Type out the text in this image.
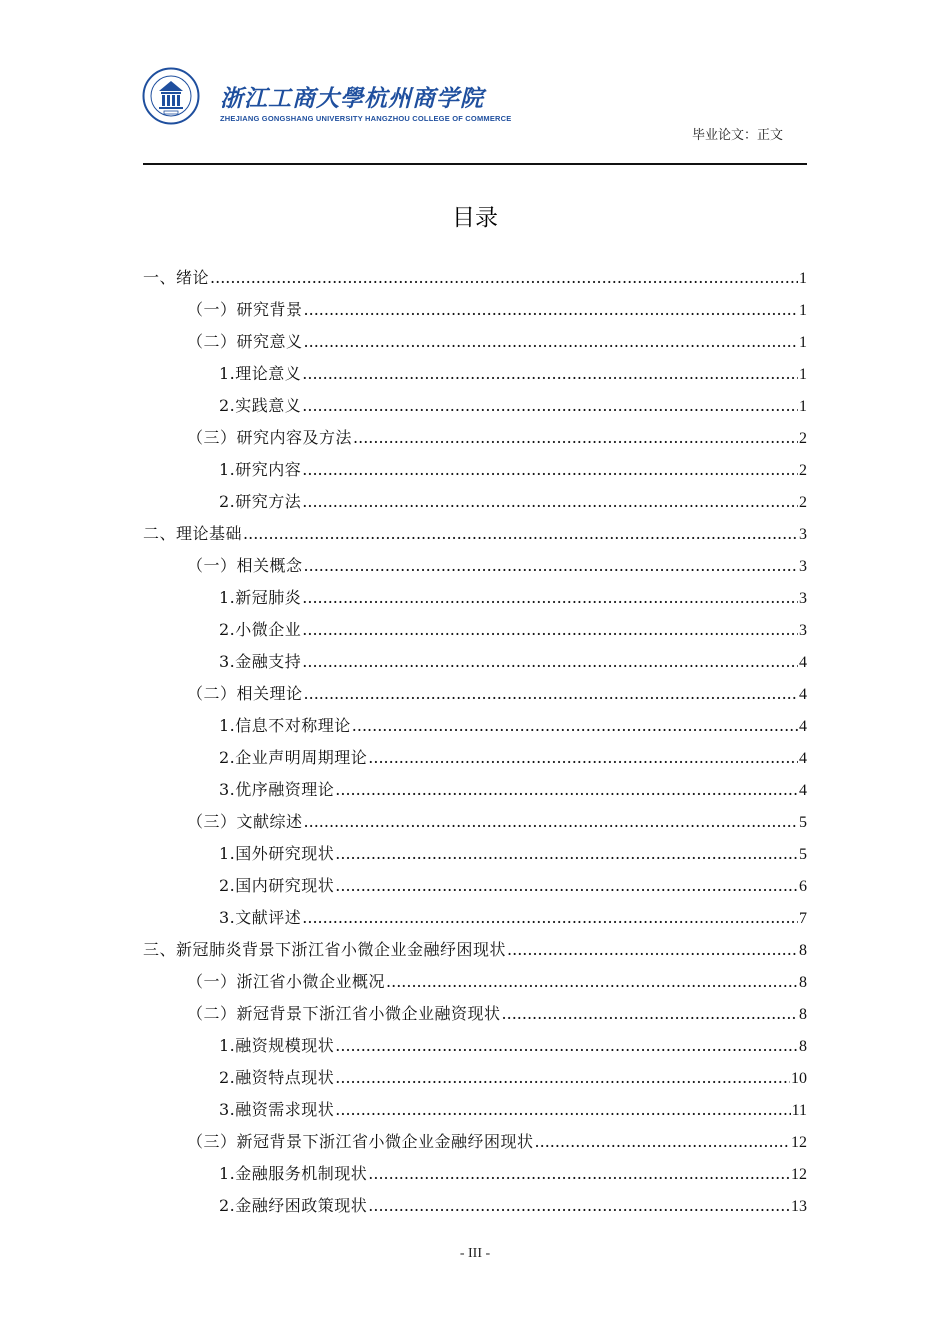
浙江工商大學杭州商学院
ZHEJIANG GONGSHANG UNIVERSITY HANGZHOU COLLEGE OF COMMERCE
毕业论文：正文
目录
一、绪论 .....	1
（一）研究背景 .....	1
（二）研究意义 .....	1
1.理论意义 .....	1
2.实践意义 .....	1
（三）研究内容及方法 .....	2
1.研究内容 .....	2
2.研究方法 .....	2
二、理论基础 .....	3
（一）相关概念 .....	3
1.新冠肺炎 .....	3
2.小微企业 .....	3
3.金融支持 .....	4
（二）相关理论 .....	4
1.信息不对称理论 .....	4
2.企业声明周期理论 .....	4
3.优序融资理论 .....	4
（三）文献综述 .....	5
1.国外研究现状 .....	5
2.国内研究现状 .....	6
3.文献评述 .....	7
三、新冠肺炎背景下浙江省小微企业金融纾困现状 .....	8
（一）浙江省小微企业概况 .....	8
（二）新冠背景下浙江省小微企业融资现状 .....	8
1.融资规模现状 .....	8
2.融资特点现状 .....	10
3.融资需求现状 .....	11
（三）新冠背景下浙江省小微企业金融纾困现状 .....	12
1.金融服务机制现状 .....	12
2.金融纾困政策现状 .....	13
- III -
